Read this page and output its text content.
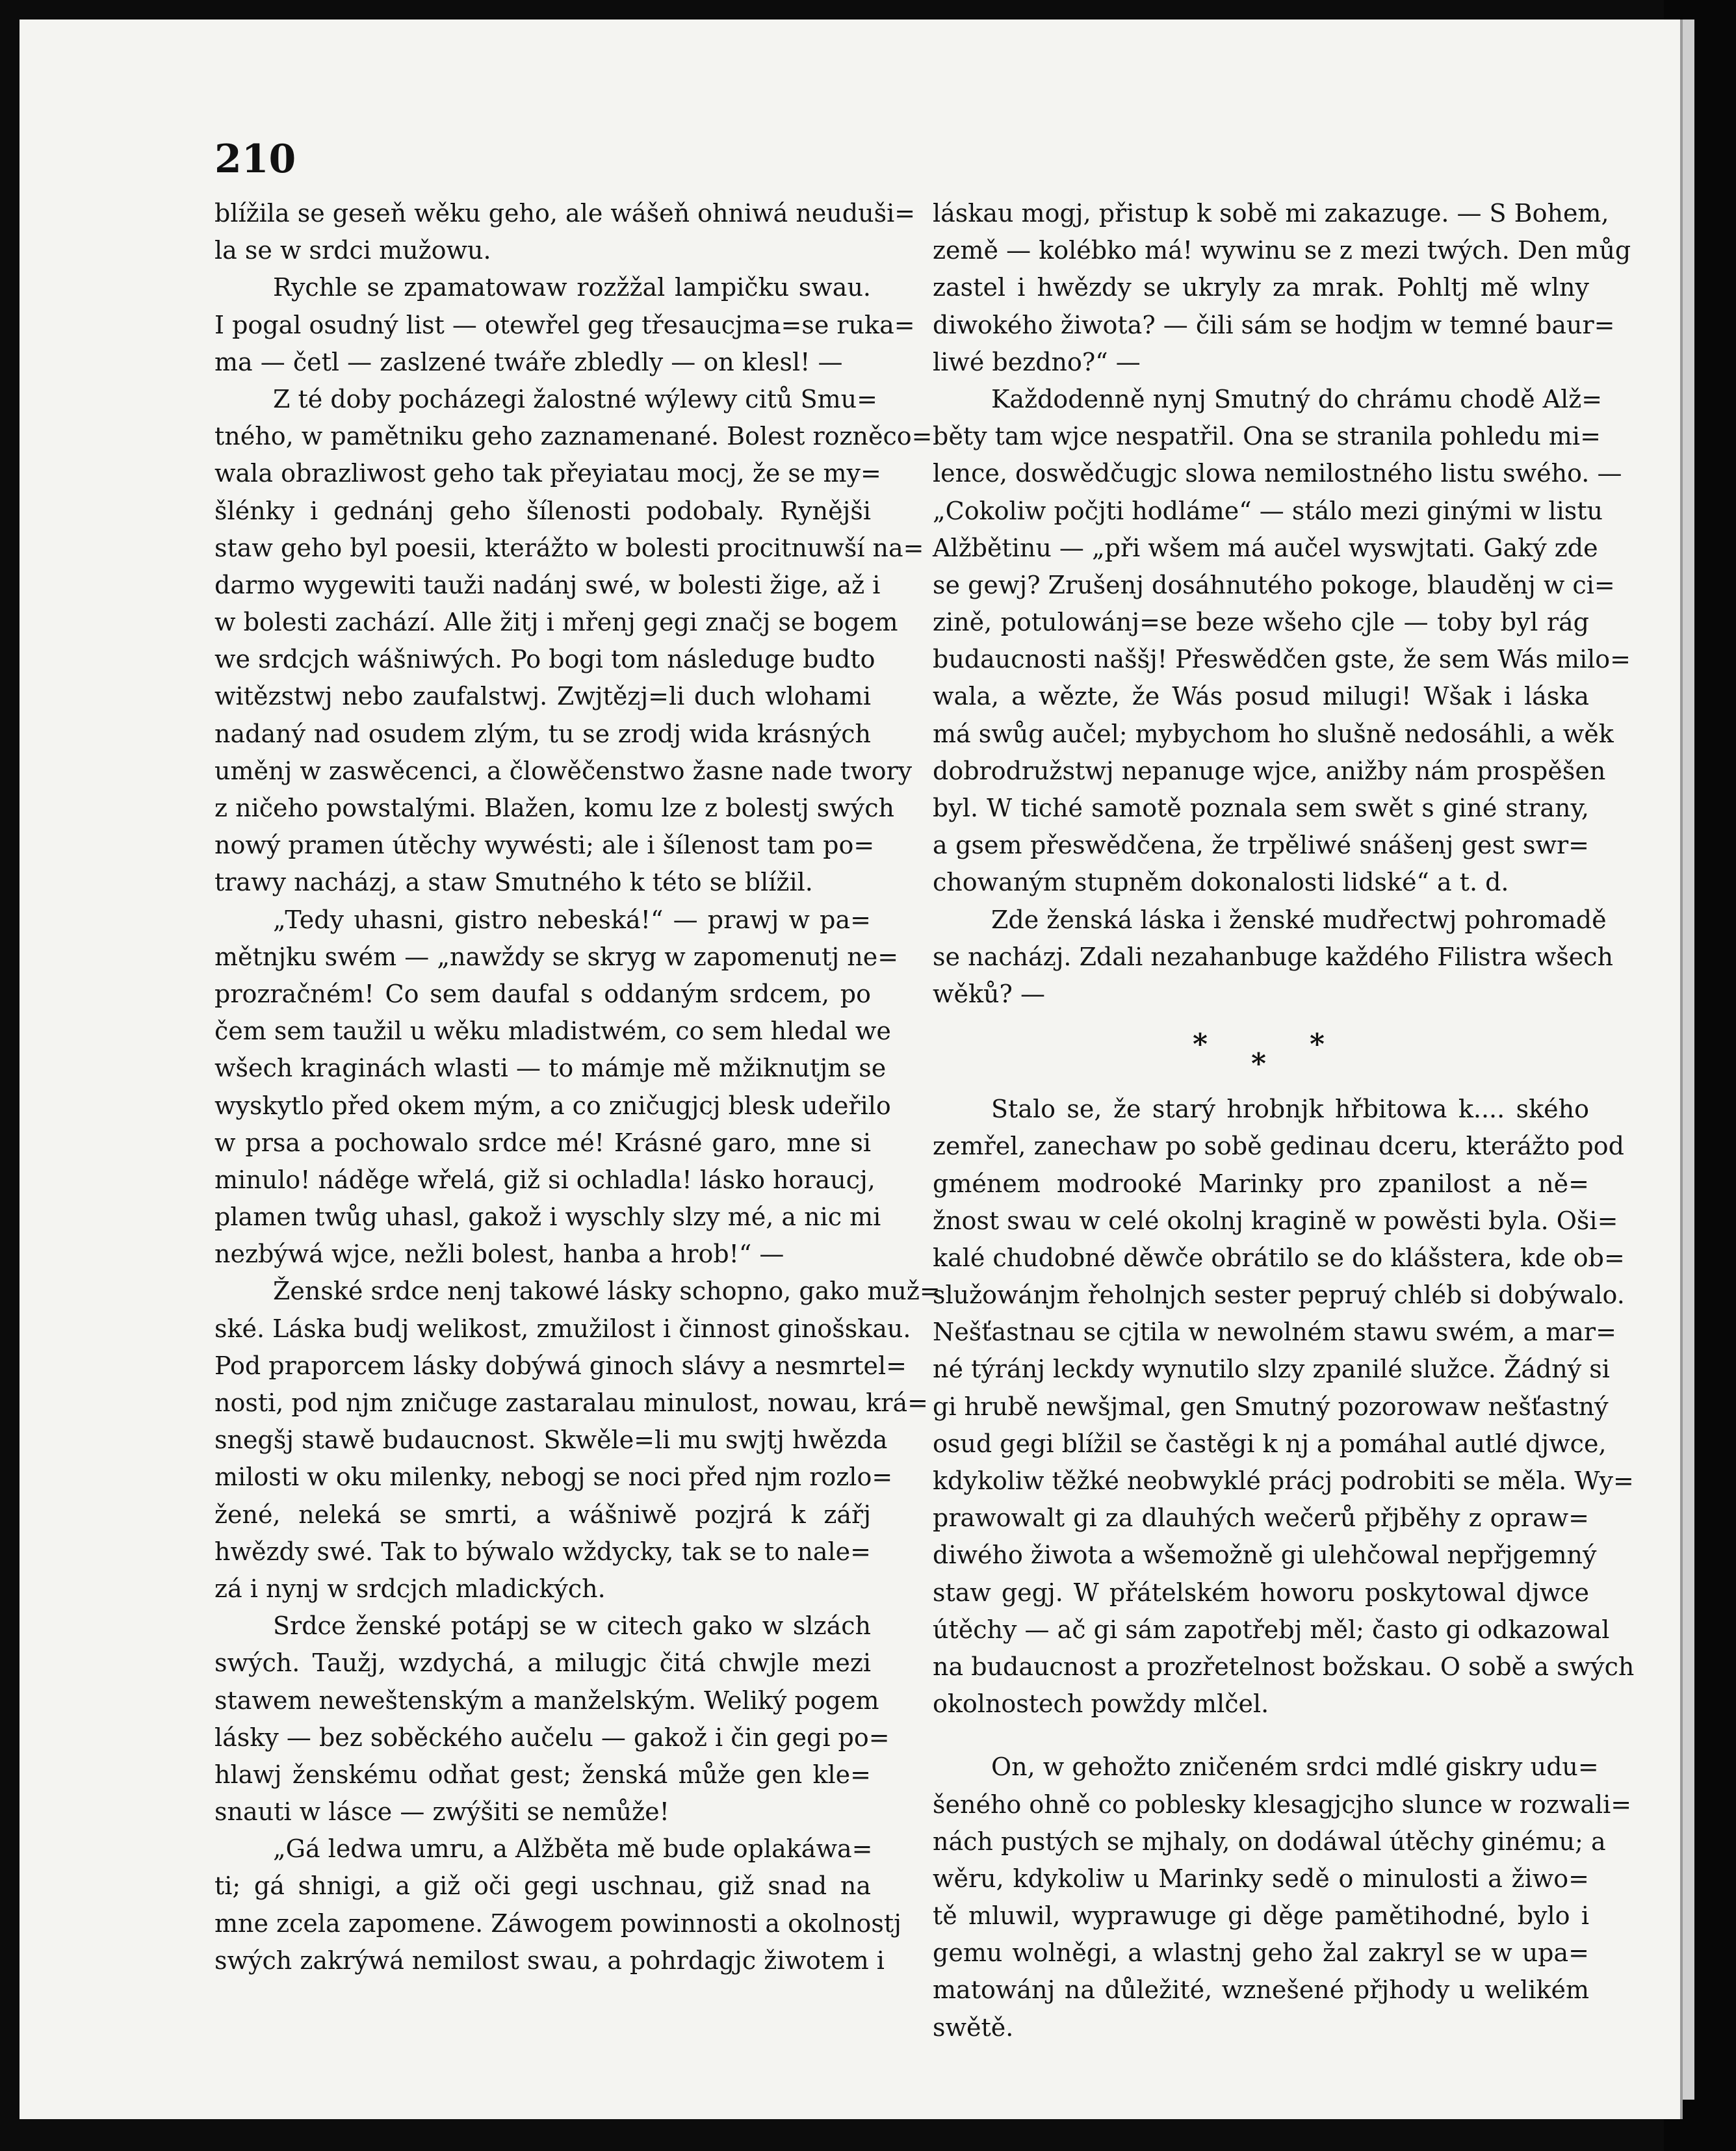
210
blížila se geseň wěku geho, ale wášeň ohniwá neuduši=
la se w srdci mužowu.
Rychle se zpamatowaw rozžžal lampičku swau.
I pogal osudný list — otewřel geg třesaucjma=se ruka=
ma — četl — zaslzené twáře zbledly — on klesl! —
Z té doby pocházegi žalostné wýlewy citů Smu=
tného, w pamětniku geho zaznamenané. Bolest rozněco=
wala obrazliwost geho tak přeyiatau mocj, že se my=
šlénky i gednánj geho šílenosti podobaly. Rynějši
staw geho byl poesii, kterážto w bolesti procitnuwší na=
darmo wygewiti tauži nadánj swé, w bolesti žige, až i
w bolesti zachází. Alle žitj i mřenj gegi značj se bogem
we srdcjch wášniwých. Po bogi tom následuge budto
witězstwj nebo zaufalstwj. Zwjtězj=li duch wlohami
nadaný nad osudem zlým, tu se zrodj wida krásných
uměnj w zaswěcenci, a člowěčenstwo žasne nade twory
z ničeho powstalými. Blažen, komu lze z bolestj swých
nowý pramen útěchy wywésti; ale i šílenost tam po=
trawy nacházj, a staw Smutného k této se blížil.
„Tedy uhasni, gistro nebeská!“ — prawj w pa=
mětnjku swém — „nawždy se skryg w zapomenutj ne=
prozračném! Co sem daufal s oddaným srdcem, po
čem sem taužil u wěku mladistwém, co sem hledal we
wšech kraginách wlasti — to mámje mě mžiknutjm se
wyskytlo před okem mým, a co zničugjcj blesk udeřilo
w prsa a pochowalo srdce mé! Krásné garo, mne si
minulo! náděge wřelá, giž si ochladla! lásko horaucj,
plamen twůg uhasl, gakož i wyschly slzy mé, a nic mi
nezbýwá wjce, nežli bolest, hanba a hrob!“ —
Ženské srdce nenj takowé lásky schopno, gako muž=
ské. Láska budj welikost, zmužilost i činnost ginošskau.
Pod praporcem lásky dobýwá ginoch slávy a nesmrtel=
nosti, pod njm zničuge zastaralau minulost, nowau, krá=
snegšj stawě budaucnost. Skwěle=li mu swjtj hwězda
milosti w oku milenky, nebogj se noci před njm rozlo=
žené, neleká se smrti, a wášniwě pozjrá k zářj
hwězdy swé. Tak to býwalo wždycky, tak se to nale=
zá i nynj w srdcjch mladických.
Srdce ženské potápj se w citech gako w slzách
swých. Taužj, wzdychá, a milugjc čitá chwjle mezi
stawem neweštenským a manželským. Weliký pogem
lásky — bez soběckého aučelu — gakož i čin gegi po=
hlawj ženskému odňat gest; ženská může gen kle=
snauti w lásce — zwýšiti se nemůže!
„Gá ledwa umru, a Alžběta mě bude oplakáwa=
ti; gá shnigi, a giž oči gegi uschnau, giž snad na
mne zcela zapomene. Záwogem powinnosti a okolnostj
swých zakrýwá nemilost swau, a pohrdagjc žiwotem i
láskau mogj, přistup k sobě mi zakazuge. — S Bohem,
země — kolébko má! wywinu se z mezi twých. Den můg
zastel i hwězdy se ukryly za mrak. Pohltj mě wlny
diwokého žiwota? — čili sám se hodjm w temné baur=
liwé bezdno?“ —
Každodenně nynj Smutný do chrámu chodě Alž=
běty tam wjce nespatřil. Ona se stranila pohledu mi=
lence, doswědčugjc slowa nemilostného listu swého. —
„Cokoliw počjti hodláme“ — stálo mezi ginými w listu
Alžbětinu — „při wšem má aučel wyswjtati. Gaký zde
se gewj? Zrušenj dosáhnutého pokoge, blauděnj w ci=
zině, potulowánj=se beze wšeho cjle — toby byl rág
budaucnosti naššj! Přeswědčen gste, že sem Wás milo=
wala, a wězte, že Wás posud milugi! Wšak i láska
má swůg aučel; mybychom ho slušně nedosáhli, a wěk
dobrodružstwj nepanuge wjce, anižby nám prospěšen
byl. W tiché samotě poznala sem swět s giné strany,
a gsem přeswědčena, že trpěliwé snášenj gest swr=
chowaným stupněm dokonalosti lidské“ a t. d.
Zde ženská láska i ženské mudřectwj pohromadě
se nacházj. Zdali nezahanbuge každého Filistra wšech
wěků? —
*
*
*
Stalo se, že starý hrobnjk hřbitowa k.... ského
zemřel, zanechaw po sobě gedinau dceru, kterážto pod
gménem modrooké Marinky pro zpanilost a ně=
žnost swau w celé okolnj kragině w powěsti byla. Oši=
kalé chudobné děwče obrátilo se do klášstera, kde ob=
služowánjm řeholnjch sester pepruý chléb si dobýwalo.
Nešťastnau se cjtila w newolném stawu swém, a mar=
né týránj leckdy wynutilo slzy zpanilé služce. Žádný si
gi hrubě newšjmal, gen Smutný pozorowaw nešťastný
osud gegi blížil se častěgi k nj a pomáhal autlé djwce,
kdykoliw těžké neobwyklé prácj podrobiti se měla. Wy=
prawowalt gi za dlauhých wečerů přjběhy z opraw=
diwého žiwota a wšemožně gi ulehčowal nepřjgemný
staw gegj. W přátelském howoru poskytowal djwce
útěchy — ač gi sám zapotřebj měl; často gi odkazowal
na budaucnost a prozřetelnost božskau. O sobě a swých
okolnostech powždy mlčel.
On, w gehožto zničeném srdci mdlé giskry udu=
šeného ohně co poblesky klesagjcjho slunce w rozwali=
nách pustých se mjhaly, on dodáwal útěchy ginému; a
wěru, kdykoliw u Marinky sedě o minulosti a žiwo=
tě mluwil, wyprawuge gi děge pamětihodné, bylo i
gemu wolněgi, a wlastnj geho žal zakryl se w upa=
matowánj na důležité, wznešené přjhody u welikém
swětě.
